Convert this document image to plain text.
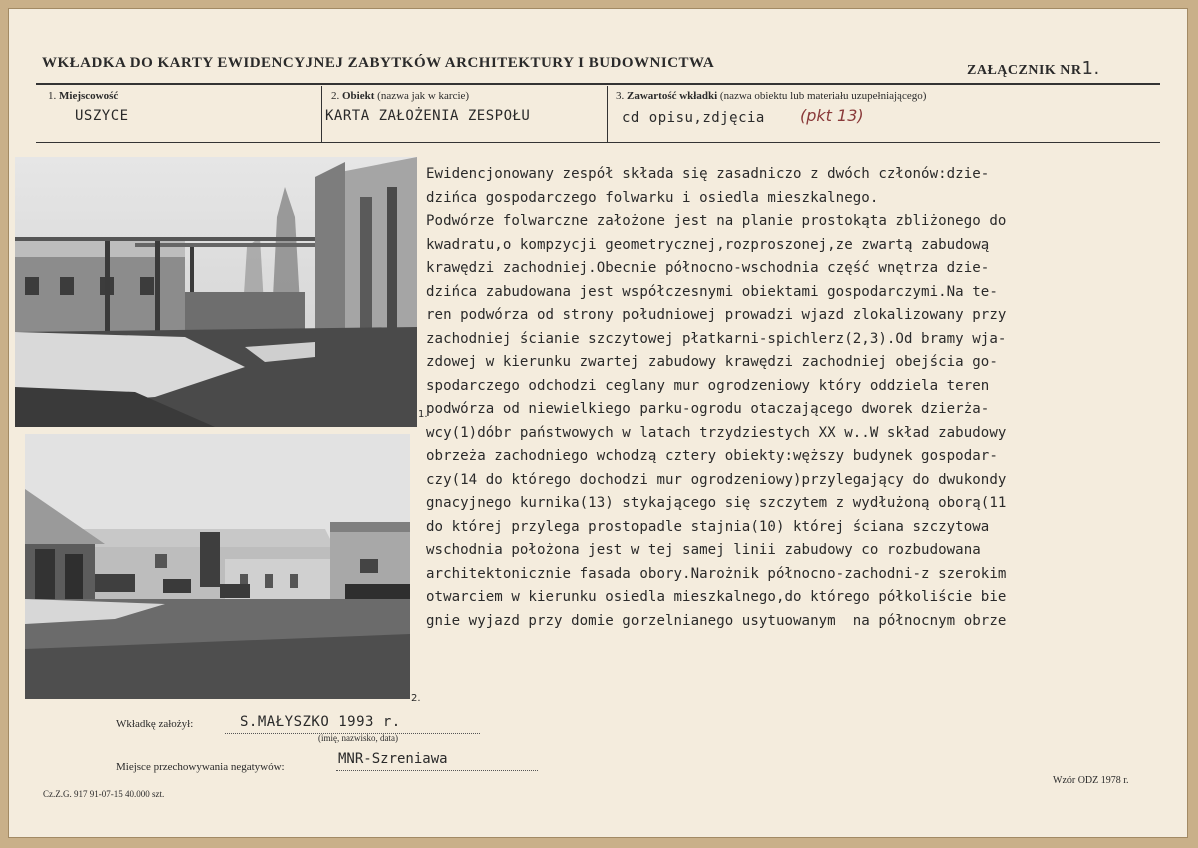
WKŁADKA DO KARTY EWIDENCYJNEJ ZABYTKÓW ARCHITEKTURY I BUDOWNICTWA	ZAŁĄCZNIK NR1.
1. Miejscowość
USZYCE
2. Obiekt (nazwa jak w karcie)
KARTA ZAŁOŻENIA ZESPOŁU
3. Zawartość wkładki (nazwa obiektu lub materiału uzupełniającego)
cd opisu,zdjęcia (pkt 13)
1.
2.
Ewidencjonowany zespół składa się zasadniczo z dwóch członów:dzie-
dzińca gospodarczego folwarku i osiedla mieszkalnego.
Podwórze folwarczne założone jest na planie prostokąta zbliżonego do
kwadratu,o kompzycji geometrycznej,rozproszonej,ze zwartą zabudową
krawędzi zachodniej.Obecnie północno-wschodnia część wnętrza dzie-
dzińca zabudowana jest współczesnymi obiektami gospodarczymi.Na te-
ren podwórza od strony południowej prowadzi wjazd zlokalizowany przy
zachodniej ścianie szczytowej płatkarni-spichlerz(2,3).Od bramy wja-
zdowej w kierunku zwartej zabudowy krawędzi zachodniej obejścia go-
spodarczego odchodzi ceglany mur ogrodzeniowy który oddziela teren
podwórza od niewielkiego parku-ogrodu otaczającego dworek dzierża-
wcy(1)dóbr państwowych w latach trzydziestych XX w..W skład zabudowy
obrzeża zachodniego wchodzą cztery obiekty:węższy budynek gospodar-
czy(14 do którego dochodzi mur ogrodzeniowy)przylegający do dwukondy
gnacyjnego kurnika(13) stykającego się szczytem z wydłużoną oborą(11
do której przylega prostopadle stajnia(10) której ściana szczytowa
wschodnia położona jest w tej samej linii zabudowy co rozbudowana
architektonicznie fasada obory.Narożnik północno-zachodni-z szerokim
otwarciem w kierunku osiedla mieszkalnego,do którego półkoliście bie
gnie wyjazd przy domie gorzelnianego usytuowanym  na północnym obrze
Wkładkę założył:	S.MAŁYSZKO 1993 r.
(imię, nazwisko, data)
Miejsce przechowywania negatywów:	MNR-Szreniawa
Cz.Z.G. 917 91-07-15 40.000 szt.
Wzór ODZ 1978 r.
